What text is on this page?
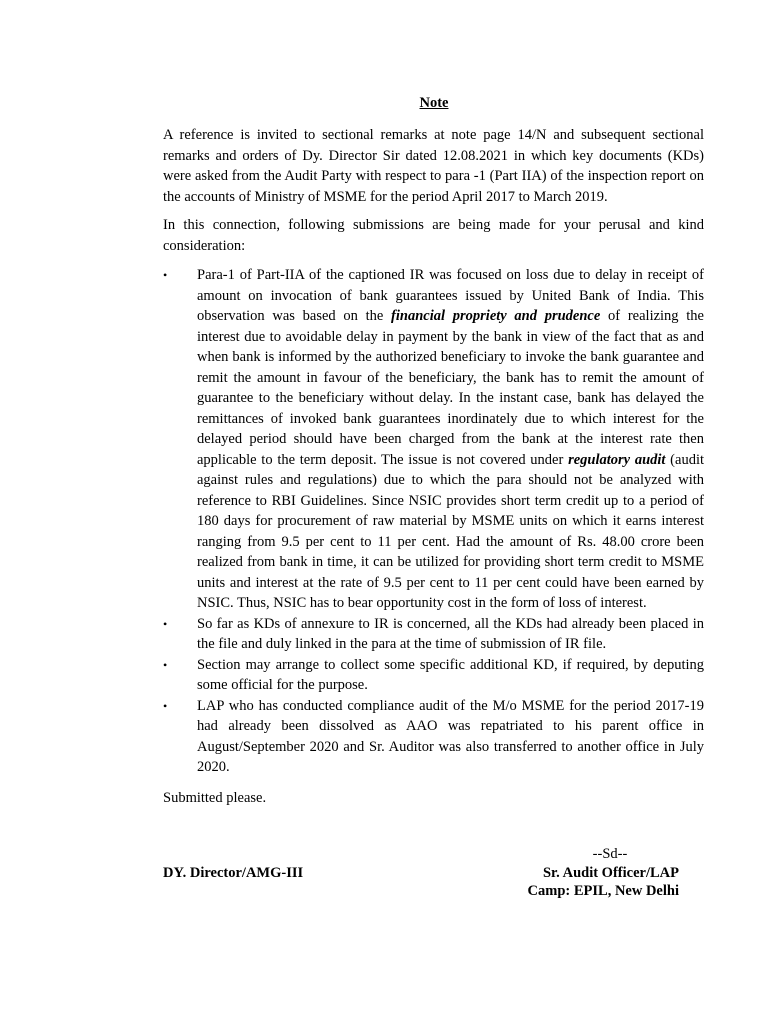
Note

A reference is invited to sectional remarks at note page 14/N and subsequent sectional remarks and orders of Dy. Director Sir dated 12.08.2021 in which key documents (KDs) were asked from the Audit Party with respect to para -1 (Part IIA) of the inspection report on the accounts of Ministry of MSME for the period April 2017 to March 2019.

In this connection, following submissions are being made for your perusal and kind consideration:

• Para-1 of Part-IIA of the captioned IR was focused on loss due to delay in receipt of amount on invocation of bank guarantees issued by United Bank of India. This observation was based on the financial propriety and prudence of realizing the interest due to avoidable delay in payment by the bank in view of the fact that as and when bank is informed by the authorized beneficiary to invoke the bank guarantee and remit the amount in favour of the beneficiary, the bank has to remit the amount of guarantee to the beneficiary without delay. In the instant case, bank has delayed the remittances of invoked bank guarantees inordinately due to which interest for the delayed period should have been charged from the bank at the interest rate then applicable to the term deposit. The issue is not covered under regulatory audit (audit against rules and regulations) due to which the para should not be analyzed with reference to RBI Guidelines. Since NSIC provides short term credit up to a period of 180 days for procurement of raw material by MSME units on which it earns interest ranging from 9.5 per cent to 11 per cent. Had the amount of Rs. 48.00 crore been realized from bank in time, it can be utilized for providing short term credit to MSME units and interest at the rate of 9.5 per cent to 11 per cent could have been earned by NSIC. Thus, NSIC has to bear opportunity cost in the form of loss of interest.
• So far as KDs of annexure to IR is concerned, all the KDs had already been placed in the file and duly linked in the para at the time of submission of IR file.
• Section may arrange to collect some specific additional KD, if required, by deputing some official for the purpose.
• LAP who has conducted compliance audit of the M/o MSME for the period 2017-19 had already been dissolved as AAO was repatriated to his parent office in August/September 2020 and Sr. Auditor was also transferred to another office in July 2020.

Submitted please.

--Sd--
DY. Director/AMG-III	Sr. Audit Officer/LAP
Camp: EPIL, New Delhi
